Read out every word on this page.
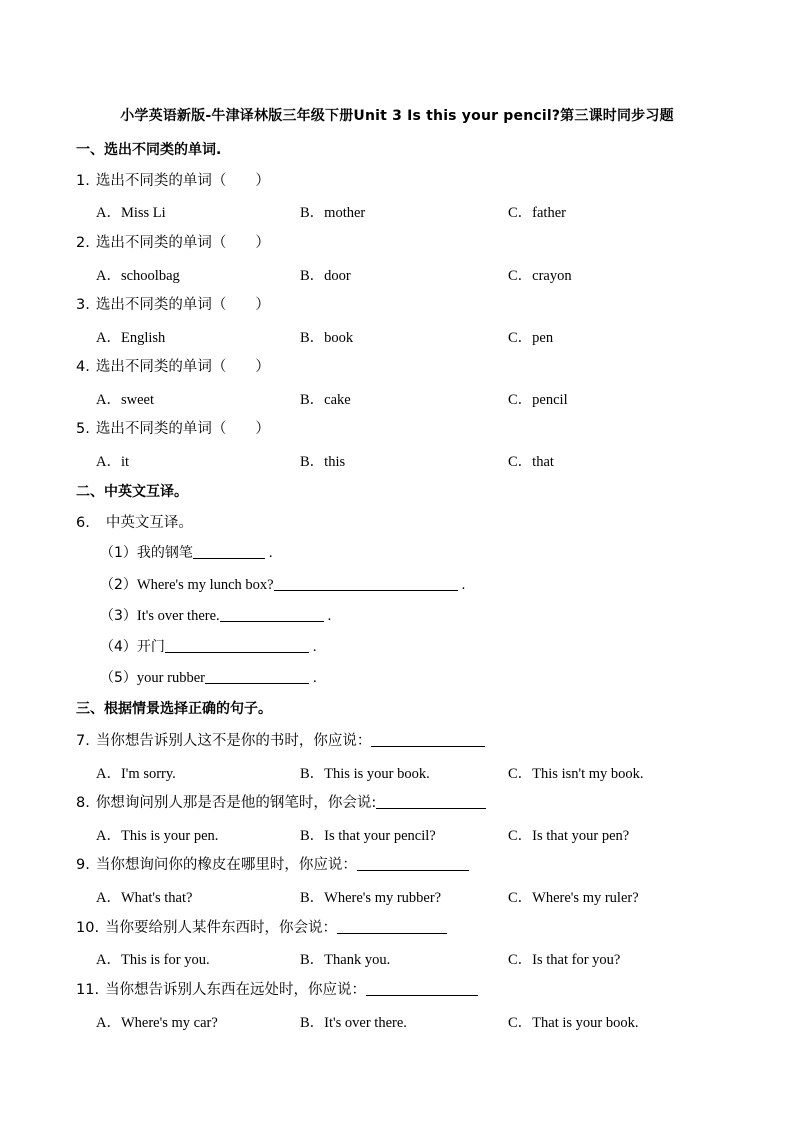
小学英语新版-牛津译林版三年级下册Unit 3 Is this your pencil?第三课时同步习题
一、选出不同类的单词.
1. 选出不同类的单词（　　）
A．Miss Li	B．mother	C．father
2. 选出不同类的单词（　　）
A．schoolbag	B．door	C．crayon
3. 选出不同类的单词（　　）
A．English	B．book	C．pen
4. 选出不同类的单词（　　）
A．sweet	B．cake	C．pencil
5. 选出不同类的单词（　　）
A．it	B．this	C．that
二、中英文互译。
6. 中英文互译。
（1）我的钢笔	.
（2）Where's my lunch box?	.
（3）It's over there.	.
（4）开门	.
（5）your rubber	.
三、根据情景选择正确的句子。
7. 当你想告诉别人这不是你的书时，你应说：
A．I'm sorry.	B．This is your book.	C．This isn't my book.
8. 你想询问别人那是否是他的钢笔时，你会说:
A．This is your pen.	B．Is that your pencil?	C．Is that your pen?
9. 当你想询问你的橡皮在哪里时，你应说：
A．What's that?	B．Where's my rubber?	C．Where's my ruler?
10. 当你要给别人某件东西时，你会说：
A．This is for you.	B．Thank you.	C．Is that for you?
11. 当你想告诉别人东西在远处时，你应说：
A．Where's my car?	B．It's over there.	C．That is your book.
